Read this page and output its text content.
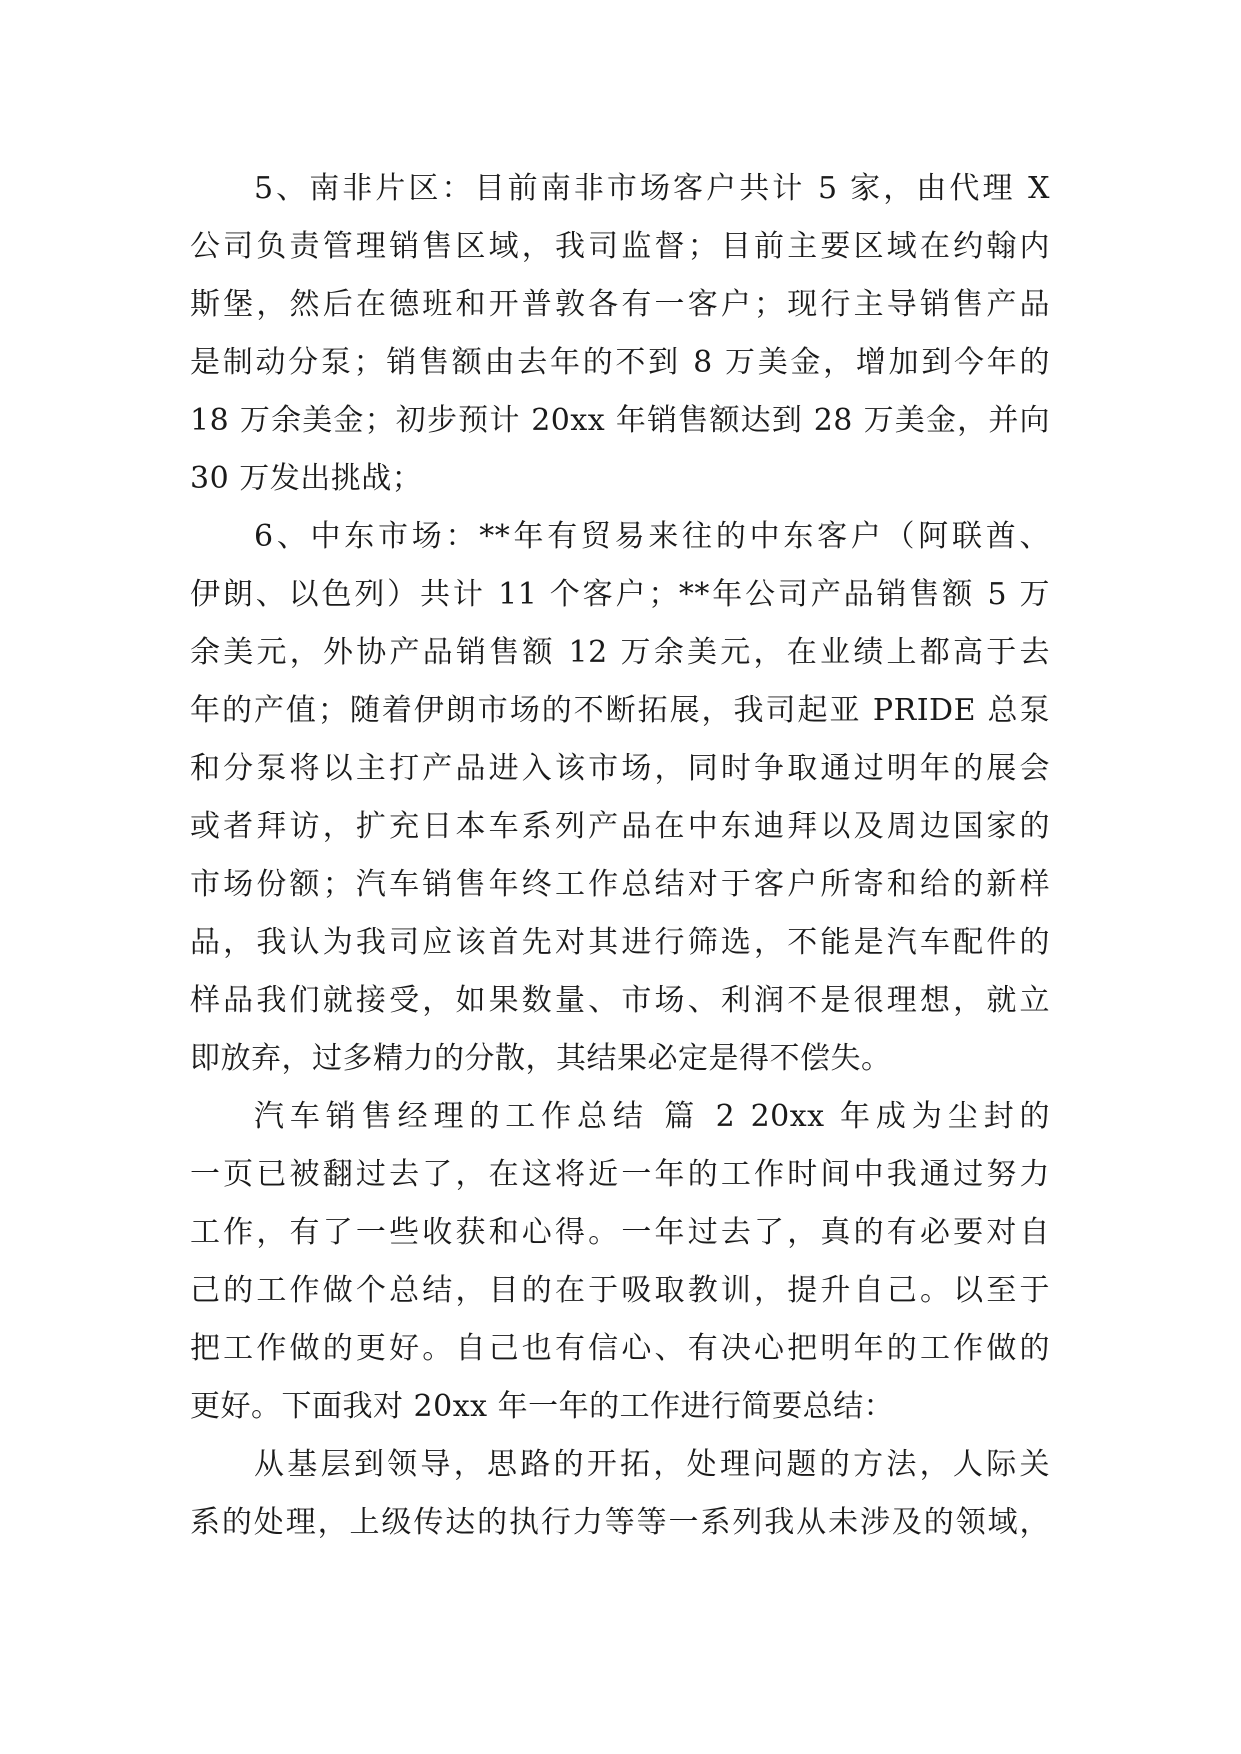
5、南非片区：目前南非市场客户共计 5 家，由代理 X
公司负责管理销售区域，我司监督；目前主要区域在约翰内
斯堡，然后在德班和开普敦各有一客户；现行主导销售产品
是制动分泵；销售额由去年的不到 8 万美金，增加到今年的
18 万余美金；初步预计 20xx 年销售额达到 28 万美金，并向
30 万发出挑战；
6、中东市场：**年有贸易来往的中东客户（阿联酋、
伊朗、以色列）共计 11 个客户；**年公司产品销售额 5 万
余美元，外协产品销售额 12 万余美元，在业绩上都高于去
年的产值；随着伊朗市场的不断拓展，我司起亚 PRIDE 总泵
和分泵将以主打产品进入该市场，同时争取通过明年的展会
或者拜访，扩充日本车系列产品在中东迪拜以及周边国家的
市场份额；汽车销售年终工作总结对于客户所寄和给的新样
品，我认为我司应该首先对其进行筛选，不能是汽车配件的
样品我们就接受，如果数量、市场、利润不是很理想，就立
即放弃，过多精力的分散，其结果必定是得不偿失。
汽车销售经理的工作总结 篇 2 20xx 年成为尘封的
一页已被翻过去了，在这将近一年的工作时间中我通过努力
工作，有了一些收获和心得。一年过去了，真的有必要对自
己的工作做个总结，目的在于吸取教训，提升自己。以至于
把工作做的更好。自己也有信心、有决心把明年的工作做的
更好。下面我对 20xx 年一年的工作进行简要总结：
从基层到领导，思路的开拓，处理问题的方法，人际关
系的处理，上级传达的执行力等等一系列我从未涉及的领域，
